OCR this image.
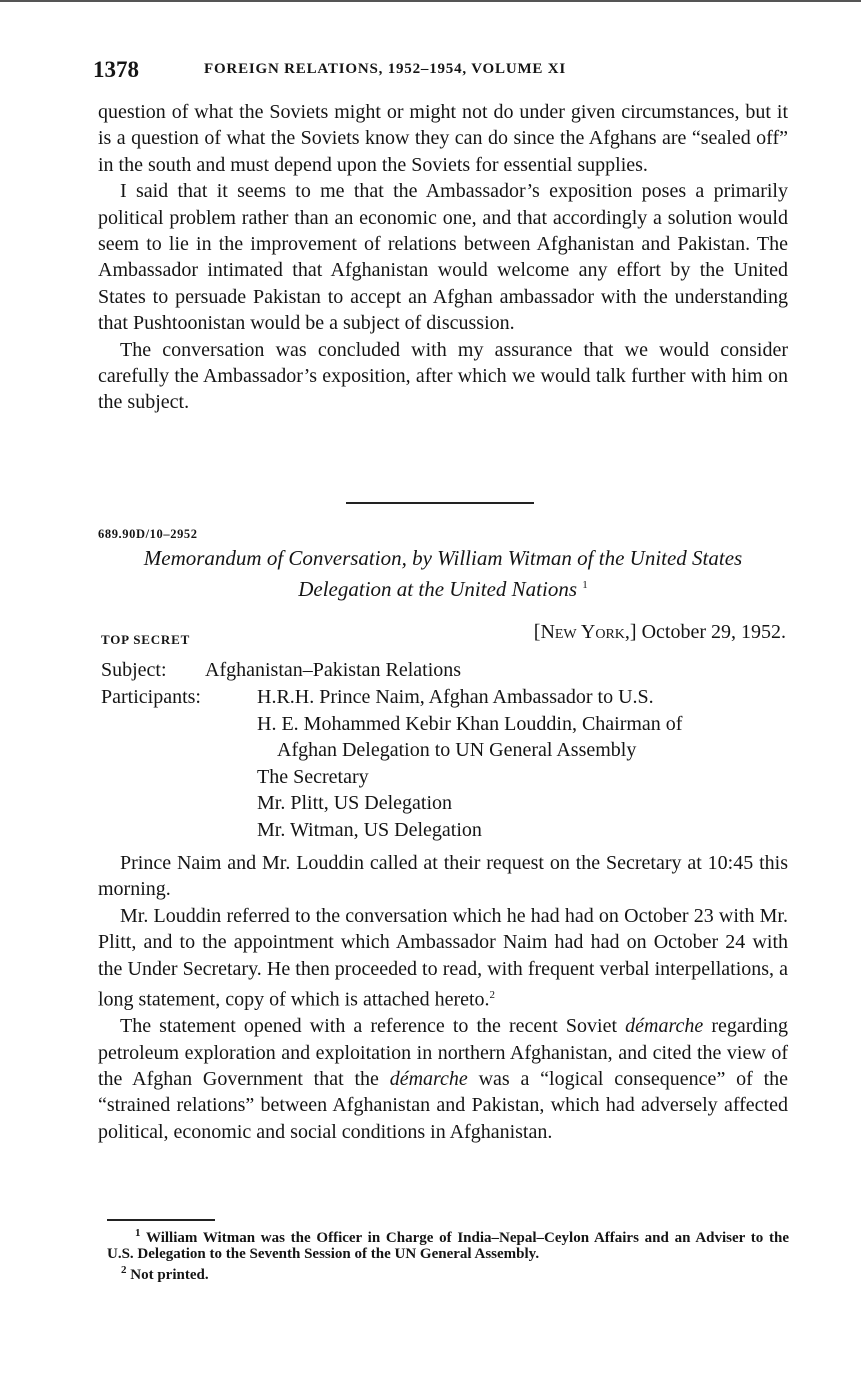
1378	FOREIGN RELATIONS, 1952–1954, VOLUME XI

question of what the Soviets might or might not do under given circumstances, but it is a question of what the Soviets know they can do since the Afghans are “sealed off” in the south and must depend upon the Soviets for essential supplies.

I said that it seems to me that the Ambassador’s exposition poses a primarily political problem rather than an economic one, and that accordingly a solution would seem to lie in the improvement of relations between Afghanistan and Pakistan. The Ambassador intimated that Afghanistan would welcome any effort by the United States to persuade Pakistan to accept an Afghan ambassador with the understanding that Pushtoonistan would be a subject of discussion.

The conversation was concluded with my assurance that we would consider carefully the Ambassador’s exposition, after which we would talk further with him on the subject.

689.90D/10–2952
Memorandum of Conversation, by William Witman of the United States Delegation at the United Nations $^1$
TOP SECRET	[New York,] October 29, 1952.
Subject: Afghanistan–Pakistan Relations
Participants:	H.R.H. Prince Naim, Afghan Ambassador to U.S.
H. E. Mohammed Kebir Khan Louddin, Chairman of
Afghan Delegation to UN General Assembly
The Secretary
Mr. Plitt, US Delegation
Mr. Witman, US Delegation

Prince Naim and Mr. Louddin called at their request on the Secretary at 10:45 this morning.

Mr. Louddin referred to the conversation which he had had on October 23 with Mr. Plitt, and to the appointment which Ambassador Naim had had on October 24 with the Under Secretary. He then proceeded to read, with frequent verbal interpellations, a long statement, copy of which is attached hereto.$^2$

The statement opened with a reference to the recent Soviet démarche regarding petroleum exploration and exploitation in northern Afghanistan, and cited the view of the Afghan Government that the démarche was a “logical consequence” of the “strained relations” between Afghanistan and Pakistan, which had adversely affected political, economic and social conditions in Afghanistan.

$^1$ William Witman was the Officer in Charge of India–Nepal–Ceylon Affairs and an Adviser to the U.S. Delegation to the Seventh Session of the UN General Assembly.

$^2$ Not printed.
